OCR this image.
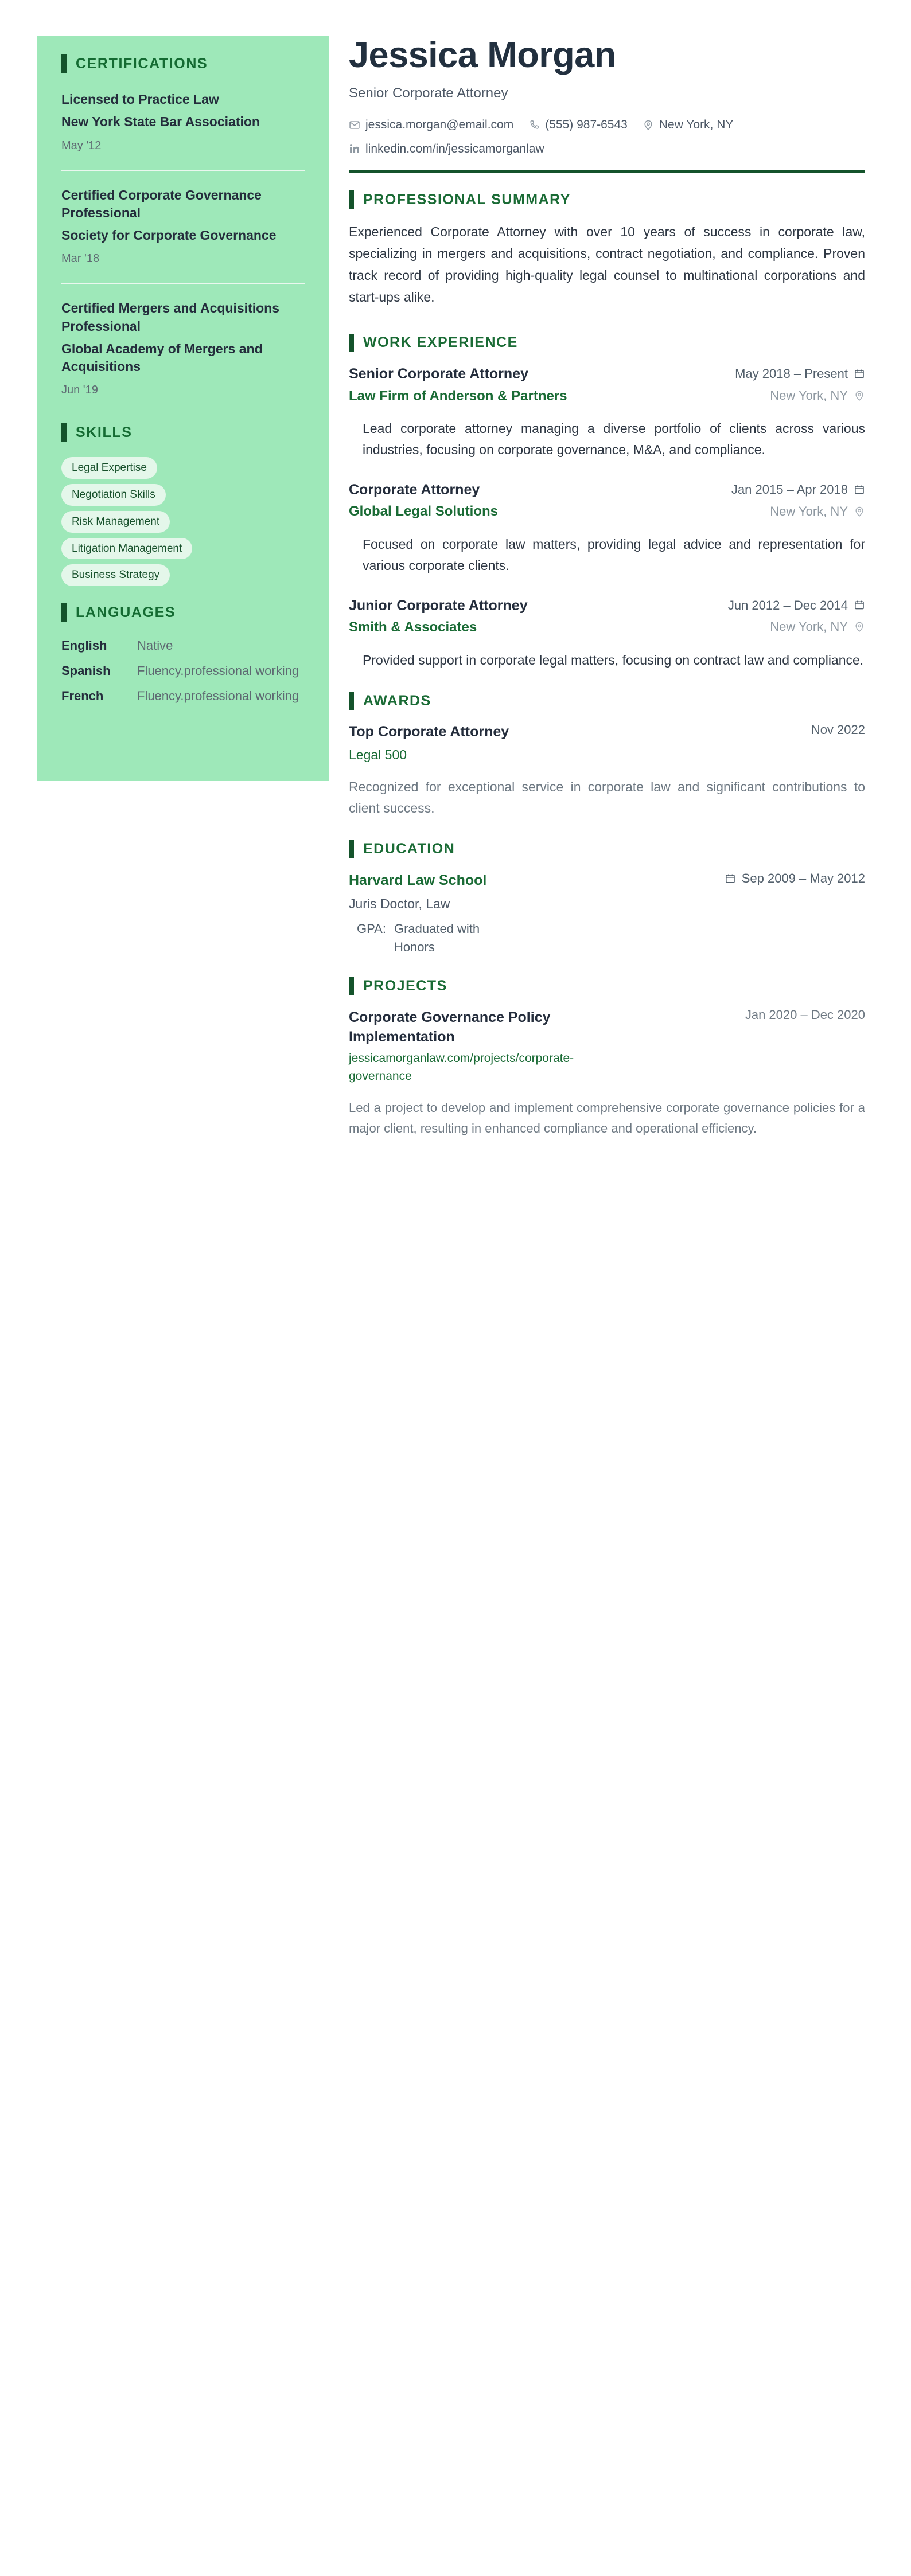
CERTIFICATIONS

Licensed to Practice Law

New York State Bar Association

May '12

Certified Corporate Governance Professional

Society for Corporate Governance

Mar '18

Certified Mergers and Acquisitions Professional

Global Academy of Mergers and Acquisitions

Jun '19

SKILLS
Legal Expertise
Negotiation Skills
Risk Management
Litigation Management
Business Strategy
LANGUAGES
English	Native
Spanish	Fluency.professional working
French	Fluency.professional working
Jessica Morgan

Senior Corporate Attorney

jessica.morgan@email.com	(555) 987-6543	New York, NY
linkedin.com/in/jessicamorganlaw
PROFESSIONAL SUMMARY

Experienced Corporate Attorney with over 10 years of success in corporate law, specializing in mergers and acquisitions, contract negotiation, and compliance. Proven track record of providing high-quality legal counsel to multinational corporations and start-ups alike.

WORK EXPERIENCE

Senior Corporate Attorney

Law Firm of Anderson & Partners

May 2018 – Present
New York, NY

Lead corporate attorney managing a diverse portfolio of clients across various industries, focusing on corporate governance, M&A, and compliance.

Corporate Attorney

Global Legal Solutions

Jan 2015 – Apr 2018
New York, NY

Focused on corporate law matters, providing legal advice and representation for various corporate clients.

Junior Corporate Attorney

Smith & Associates

Jun 2012 – Dec 2014
New York, NY

Provided support in corporate legal matters, focusing on contract law and compliance.

AWARDS

Top Corporate Attorney

Legal 500

Nov 2022

Recognized for exceptional service in corporate law and significant contributions to client success.

EDUCATION

Harvard Law School

Juris Doctor, Law

GPA: Graduated with Honors
Sep 2009 – May 2012
PROJECTS

Corporate Governance Policy Implementation

jessicamorganlaw.com/projects/corporate-governance

Jan 2020 – Dec 2020

Led a project to develop and implement comprehensive corporate governance policies for a major client, resulting in enhanced compliance and operational efficiency.
